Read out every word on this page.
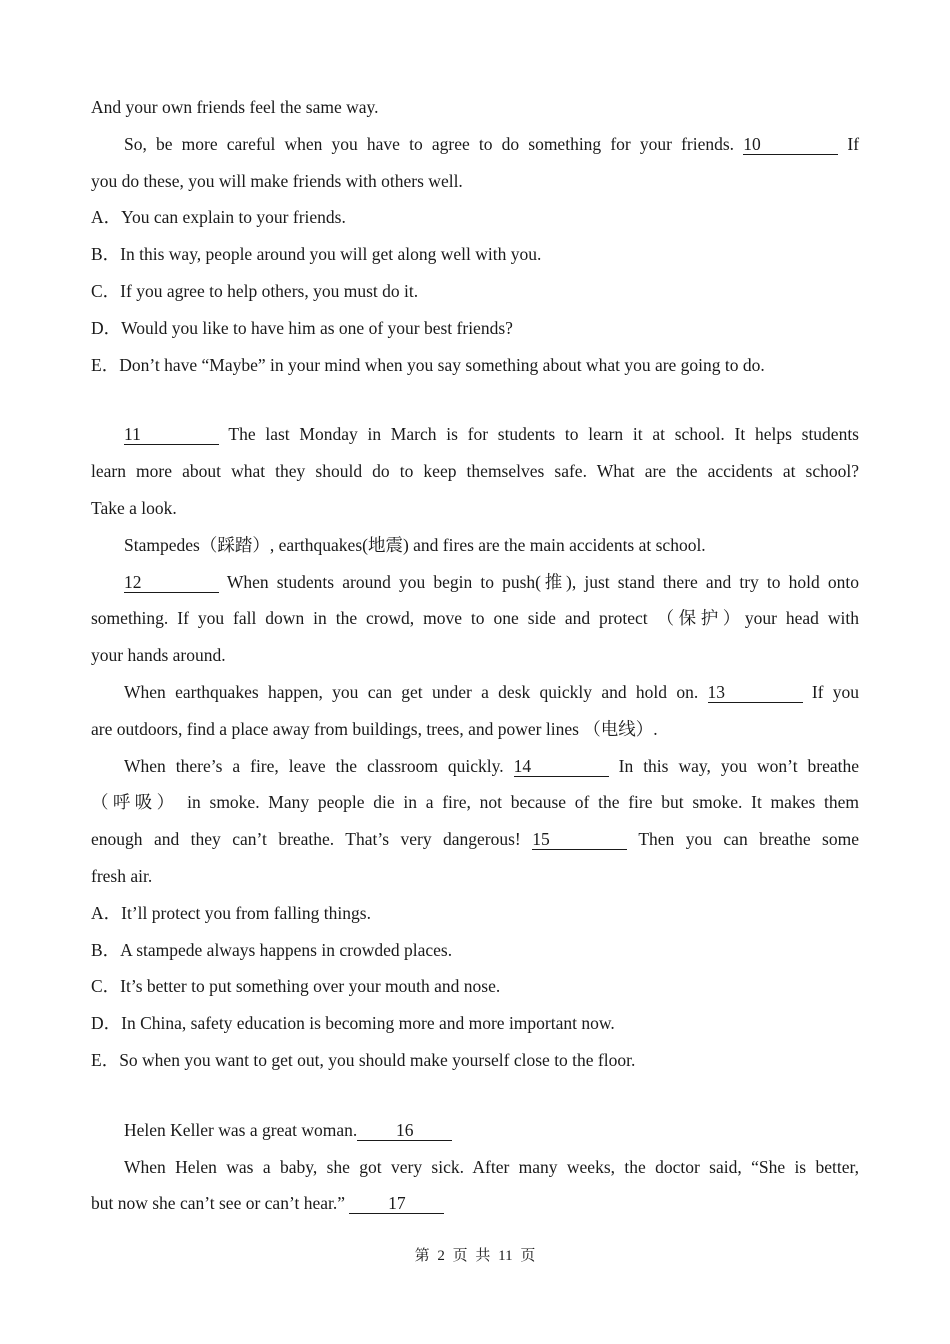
And your own friends feel the same way.
So, be more careful when you have to agree to do something for your friends. 10	If
you do these, you will make friends with others well.
A．You can explain to your friends.
B．In this way, people around you will get along well with you.
C．If you agree to help others, you must do it.
D．Would you like to have him as one of your best friends?
E．Don’t have “Maybe” in your mind when you say something about what you are going to do.
11	The last Monday in March is for students to learn it at school. It helps students
learn more about what they should do to keep themselves safe. What are the accidents at school?
Take a look.
Stampedes（踩踏）, earthquakes(地震) and fires are the main accidents at school.
12	When students around you begin to push(推), just stand there and try to hold onto
something. If you fall down in the crowd, move to one side and protect （保护）your head with
your hands around.
When earthquakes happen, you can get under a desk quickly and hold on. 13	If you
are outdoors, find a place away from buildings, trees, and power lines （电线）.
When there’s a fire, leave the classroom quickly. 14	In this way, you won’t breathe
（呼吸） in smoke. Many people die in a fire, not because of the fire but smoke. It makes them
enough and they can’t breathe. That’s very dangerous! 15	Then you can breathe some
fresh air.
A．It’ll protect you from falling things.
B．A stampede always happens in crowded places.
C．It’s better to put something over your mouth and nose.
D．In China, safety education is becoming more and more important now.
E．So when you want to get out, you should make yourself close to the floor.
Helen Keller was a great woman. 16
When Helen was a baby, she got very sick. After many weeks, the doctor said, “She is better,
but now she can’t see or can’t hear.” 17
第 2 页 共 11 页
